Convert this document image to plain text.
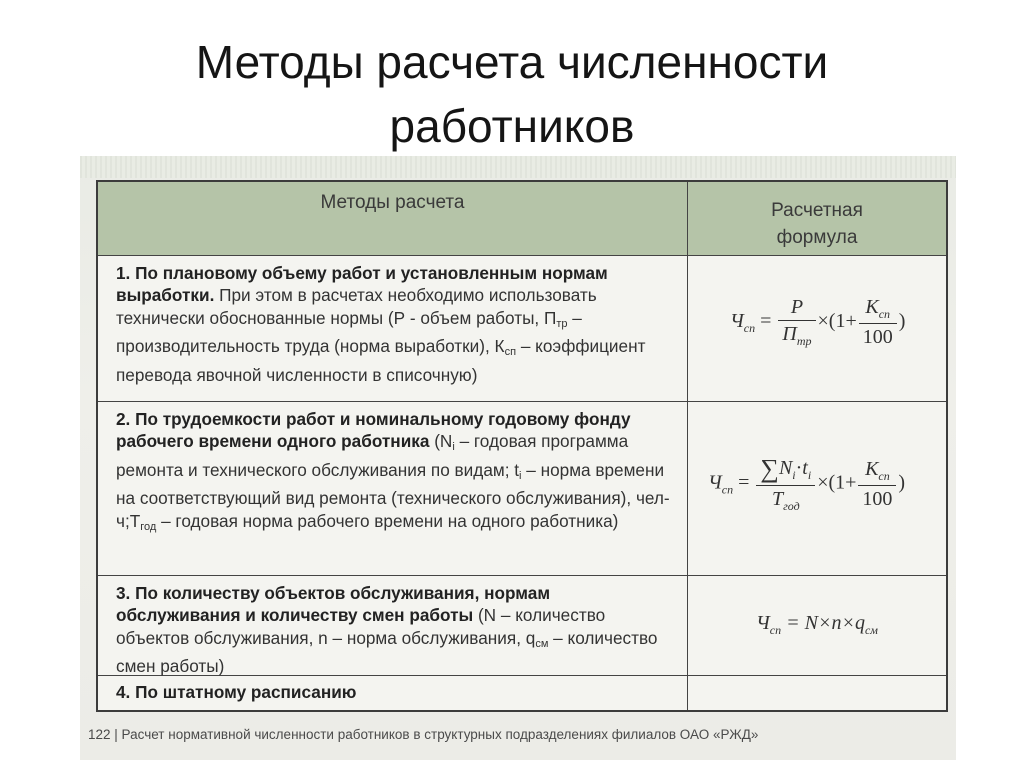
Методы расчета численности
работников
Методы расчета	Расчетная
формула
1. По плановому объему работ и установленным нормам выработки. При этом в расчетах необходимо использовать технически обоснованные нормы (Р - объем работы, $П_{тр}$ – производительность труда (норма выработки), $К_{сп}$ – коэффициент перевода явочной численности в списочную)
$Ч_{сп} = \frac{P}{П_{тр}} \times(1+ \frac{К_{сп}}{100}$ )
2. По трудоемкости работ и номинальному годовому фонду рабочего времени одного работника ($N_i$ – годовая программа ремонта и технического обслуживания по видам; $t_i$ – норма времени на соответствующий вид ремонта (технического обслуживания), чел-$ч;T_{год}$ – годовая норма рабочего времени на одного работника)
$Ч_{сп} = \frac{\sum N_i\cdot t_i}{T_{год}} \times(1+ \frac{К_{сп}}{100}$ )
3. По количеству объектов обслуживания, нормам обслуживания и количеству смен работы (N – количество объектов обслуживания, n – норма обслуживания, $q_{см}$ – количество смен работы)
$Ч_{сп} = N\times n\times q_{см}$
4. По штатному расписанию
122 | Расчет нормативной численности работников в структурных подразделениях филиалов ОАО «РЖД»
